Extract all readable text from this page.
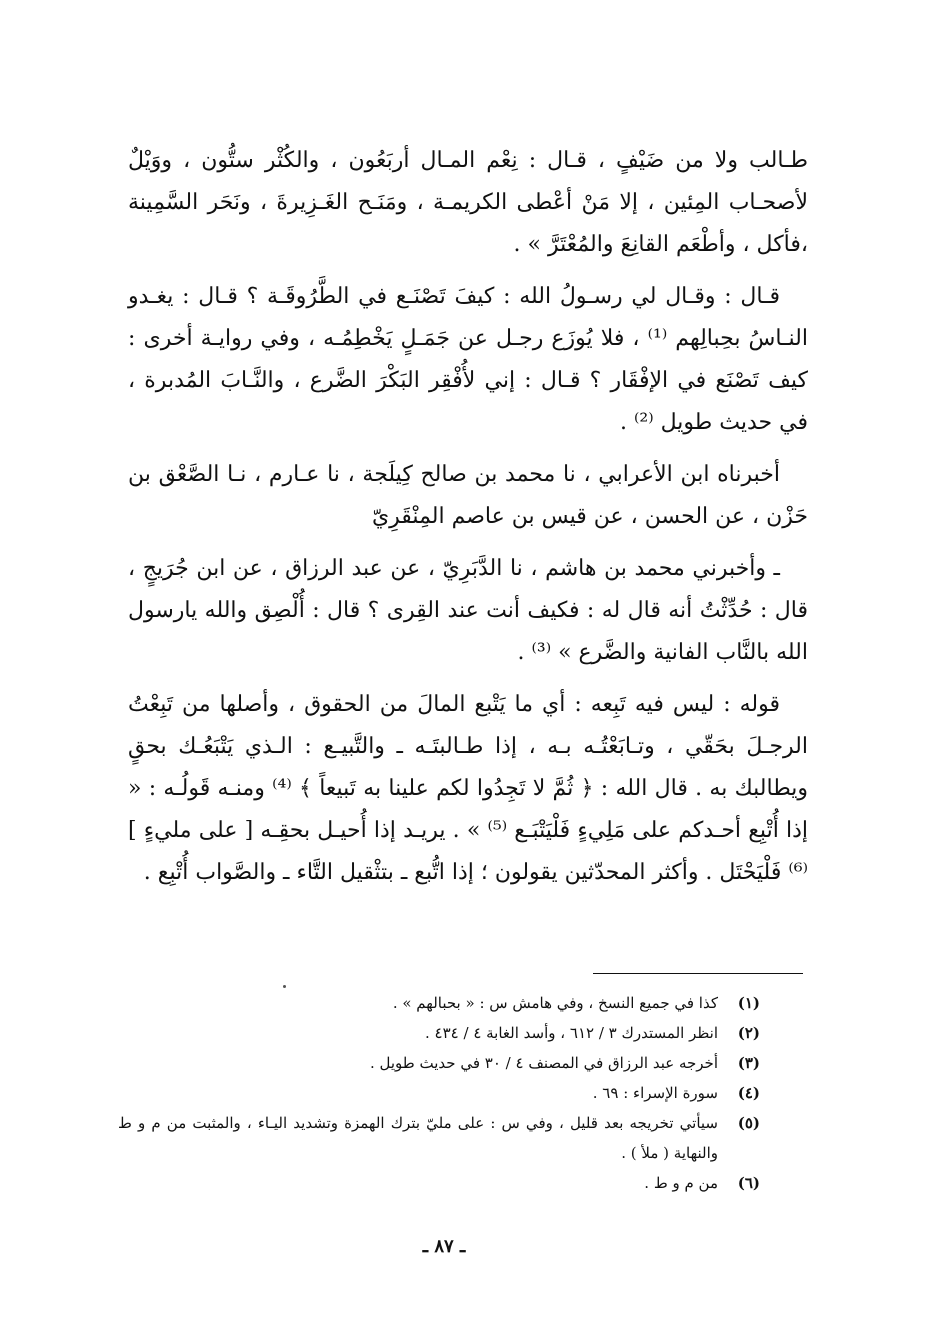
طـالب ولا من ضَيْفٍ ، قـال : نِعْم المـال أربَعُون ، والكُثْر ستُّون ، ووَيْلٌ لأصحـاب المِئين ، إلا مَنْ أعْطى الكريمـة ، ومَنَـح الغَـزِيرةَ ، ونَحَر السَّمِينة ،فأكل ، وأطْعَم القانِعَ والمُعْتَرَّ » .

قـال : وقـال لي رسـولُ الله : كيفَ تَصْنَـع في الطَّرُوقَـة ؟ قـال : يغـدو النـاسُ بحِبالِهم ⁽¹⁾ ، فلا يُوزَع رجـل عن جَمَـلٍ يَخْطِمُـه ، وفي روايـة أخرى : كيف تَصْنَع في الإفْقَار ؟ قـال : إني لأُفْقِر البَكْرَ الضَّرع ، والنَّـابَ المُدبرة ، في حديث طويل ⁽²⁾ .

أخبرناه ابن الأعرابي ، نا محمد بن صالح كِيلَجة ، نا عـارم ، نـا الصَّعْق بن حَزْن ، عن الحسن ، عن قيس بن عاصم المِنْقَرِيّ

ـ وأخبرني محمد بن هاشم ، نا الدَّبَرِيّ ، عن عبد الرزاق ، عن ابن جُرَيجٍ ، قال : حُدِّثْتُ أنه قال له : فكيف أنت عند القِرى ؟ قال : أُلْصِق والله يارسول الله بالنَّاب الفانية والضَّرع » ⁽³⁾ .

قوله : ليس فيه تَبِعه : أي ما يَتْبع المالَ من الحقوق ، وأصلها من تَبِعْتُ الرجـلَ بحَقّي ، وتـابَعْتُـه بـه ، إذا طـالبتَـه ـ والتَّبيـع : الـذي يَتْبَعُـك بحقٍ ويطالبك به . قال الله : ﴿ ثُمَّ لا تَجِدُوا لكم علينا به تَبيعاً ﴾ ⁽⁴⁾ ومنـه قَولُـه : « إذا أُتْبِع أحـدكم على مَلِيءٍ فَلْيَتْبَـع ⁽⁵⁾ » . يريـد إذا أُحيـل بحقِـه [ على مليءٍ ] ⁽⁶⁾ فَلْيَحْتَل . وأكثر المحدّثين يقولون ؛ إذا اتُّبع ـ بتثْقيل التَّاء ـ والصَّواب أُتْبِع .

(١)
كذا في جميع النسخ ، وفي هامش س : « بحبالهم » .
(٢)
انظر المستدرك ٣ / ٦١٢ ، وأسد الغابة ٤ / ٤٣٤ .
(٣)
أخرجه عبد الرزاق في المصنف ٤ / ٣٠ في حديث طويل .
(٤)
سورة الإسراء : ٦٩ .
(٥)
سيأتي تخريجه بعد قليل ، وفي س : على مليّ بترك الهمزة وتشديد اليـاء ، والمثبت من م و ط والنهاية ( ملأ ) .
(٦)
من م و ط .
ـ ٨٧ ـ
